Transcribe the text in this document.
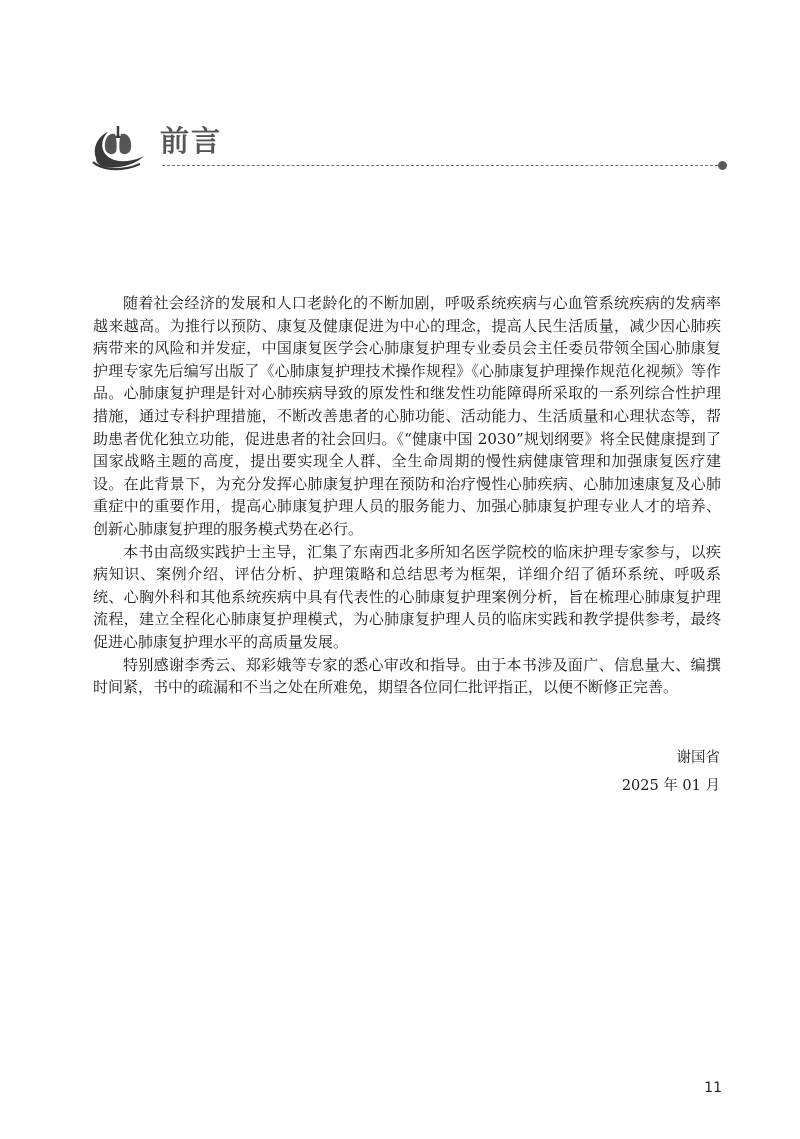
前言

随着社会经济的发展和人口老龄化的不断加剧，呼吸系统疾病与心血管系统疾病的发病率越来越高。为推行以预防、康复及健康促进为中心的理念，提高人民生活质量，减少因心肺疾病带来的风险和并发症，中国康复医学会心肺康复护理专业委员会主任委员带领全国心肺康复护理专家先后编写出版了《心肺康复护理技术操作规程》《心肺康复护理操作规范化视频》等作品。心肺康复护理是针对心肺疾病导致的原发性和继发性功能障碍所采取的一系列综合性护理措施，通过专科护理措施，不断改善患者的心肺功能、活动能力、生活质量和心理状态等，帮助患者优化独立功能，促进患者的社会回归。《“健康中国 2030”规划纲要》将全民健康提到了国家战略主题的高度，提出要实现全人群、全生命周期的慢性病健康管理和加强康复医疗建设。在此背景下，为充分发挥心肺康复护理在预防和治疗慢性心肺疾病、心肺加速康复及心肺重症中的重要作用，提高心肺康复护理人员的服务能力、加强心肺康复护理专业人才的培养、创新心肺康复护理的服务模式势在必行。

本书由高级实践护士主导，汇集了东南西北多所知名医学院校的临床护理专家参与，以疾病知识、案例介绍、评估分析、护理策略和总结思考为框架，详细介绍了循环系统、呼吸系统、心胸外科和其他系统疾病中具有代表性的心肺康复护理案例分析，旨在梳理心肺康复护理流程，建立全程化心肺康复护理模式，为心肺康复护理人员的临床实践和教学提供参考，最终促进心肺康复护理水平的高质量发展。

特别感谢李秀云、郑彩娥等专家的悉心审改和指导。由于本书涉及面广、信息量大、编撰时间紧，书中的疏漏和不当之处在所难免，期望各位同仁批评指正，以便不断修正完善。

谢国省
2025 年 01 月
11
